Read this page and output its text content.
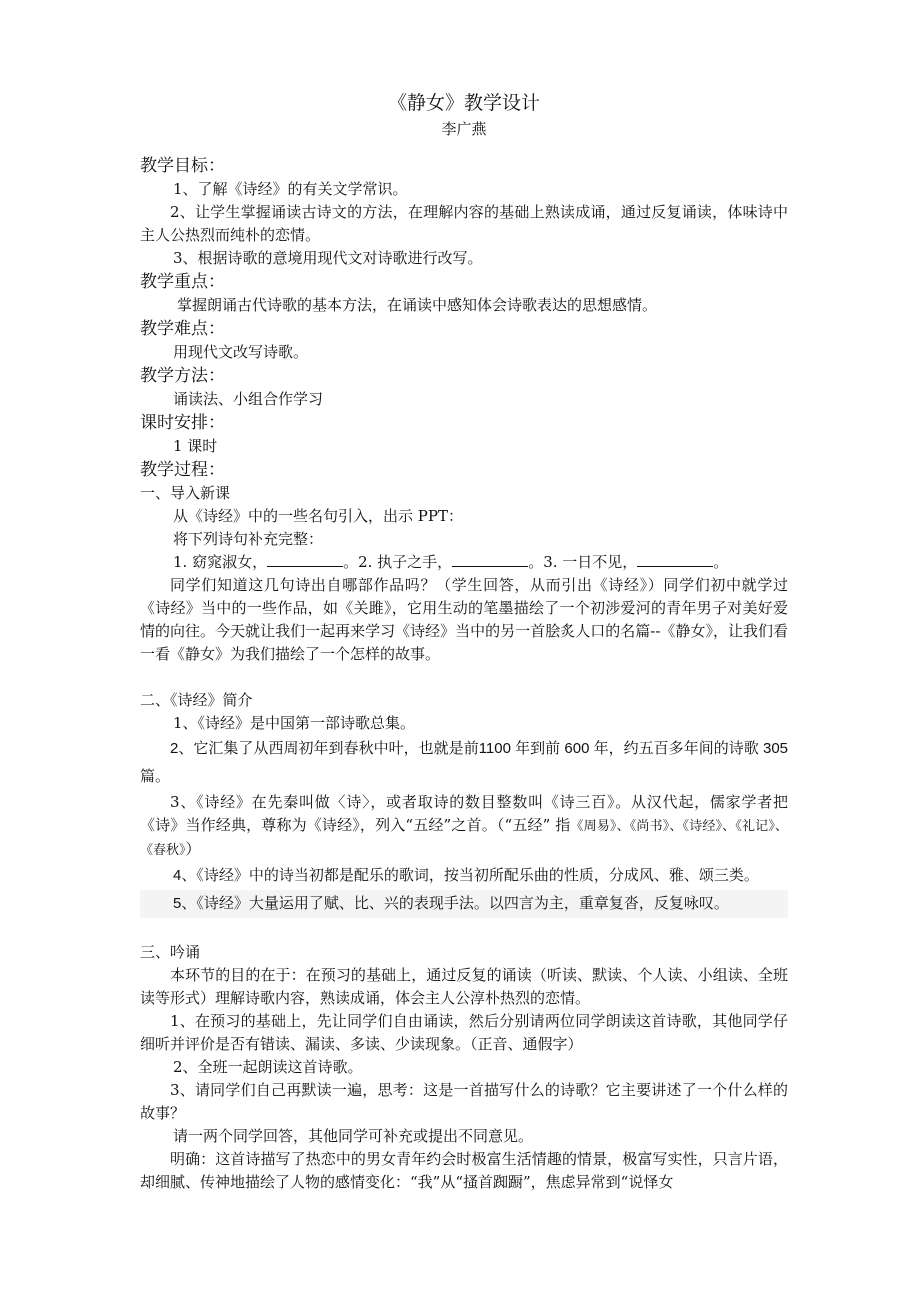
《静女》教学设计

李广燕

教学目标：

1、了解《诗经》的有关文学常识。

2、让学生掌握诵读古诗文的方法，在理解内容的基础上熟读成诵，通过反复诵读，体味诗中主人公热烈而纯朴的恋情。

3、根据诗歌的意境用现代文对诗歌进行改写。

教学重点：

掌握朗诵古代诗歌的基本方法，在诵读中感知体会诗歌表达的思想感情。

教学难点：

用现代文改写诗歌。

教学方法：

诵读法、小组合作学习

课时安排：

1 课时

教学过程：

一、导入新课

从《诗经》中的一些名句引入，出示 PPT：

将下列诗句补充完整：

1. 窈窕淑女，	。2. 执子之手，	。3. 一日不见，	。

同学们知道这几句诗出自哪部作品吗？（学生回答，从而引出《诗经》）同学们初中就学过《诗经》当中的一些作品，如《关雎》，它用生动的笔墨描绘了一个初涉爱河的青年男子对美好爱情的向往。今天就让我们一起再来学习《诗经》当中的另一首脍炙人口的名篇--《静女》，让我们看一看《静女》为我们描绘了一个怎样的故事。

二、《诗经》简介

1、《诗经》是中国第一部诗歌总集。

2、它汇集了从西周初年到春秋中叶，也就是前1100 年到前 600 年，约五百多年间的诗歌 305 篇。

3、《诗经》在先秦叫做〈诗〉，或者取诗的数目整数叫《诗三百》。从汉代起，儒家学者把《诗》当作经典，尊称为《诗经》，列入“五经”之首。（“五经” 指《周易》、《尚书》、《诗经》、《礼记》、《春秋》）

4、《诗经》中的诗当初都是配乐的歌词，按当初所配乐曲的性质，分成风、雅、颂三类。

5、《诗经》大量运用了赋、比、兴的表现手法。以四言为主，重章复沓，反复咏叹。

三、吟诵

本环节的目的在于：在预习的基础上，通过反复的诵读（听读、默读、个人读、小组读、全班读等形式）理解诗歌内容，熟读成诵，体会主人公淳朴热烈的恋情。

1、在预习的基础上，先让同学们自由诵读，然后分别请两位同学朗读这首诗歌，其他同学仔细听并评价是否有错读、漏读、多读、少读现象。（正音、通假字）

2、全班一起朗读这首诗歌。

3、请同学们自己再默读一遍，思考：这是一首描写什么的诗歌？它主要讲述了一个什么样的故事？

请一两个同学回答，其他同学可补充或提出不同意见。

明确：这首诗描写了热恋中的男女青年约会时极富生活情趣的情景，极富写实性，只言片语，却细腻、传神地描绘了人物的感情变化：“我”从“搔首踟蹰”，焦虑异常到“说怿女
